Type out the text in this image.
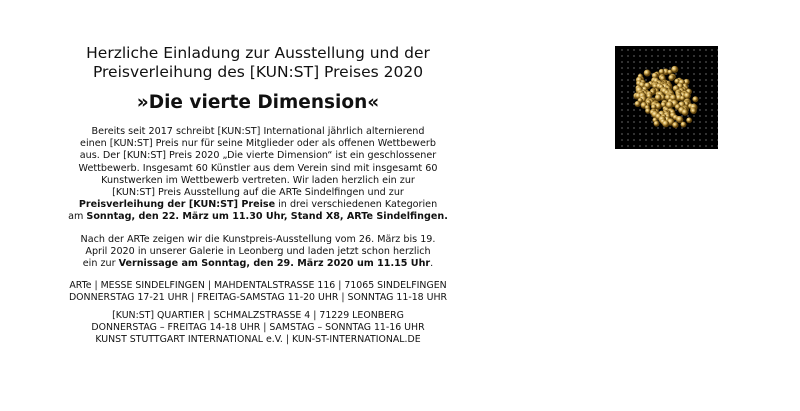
Herzliche Einladung zur Ausstellung und der
Preisverleihung des [KUN:ST] Preises 2020
»Die vierte Dimension«
Bereits seit 2017 schreibt [KUN:ST] International jährlich alternierend
einen [KUN:ST] Preis nur für seine Mitglieder oder als offenen Wettbewerb
aus. Der [KUN:ST] Preis 2020 „Die vierte Dimension“ ist ein geschlossener
Wettbewerb. Insgesamt 60 Künstler aus dem Verein sind mit insgesamt 60
Kunstwerken im Wettbewerb vertreten. Wir laden herzlich ein zur
[KUN:ST] Preis Ausstellung auf die ARTe Sindelfingen und zur
Preisverleihung der [KUN:ST] Preise in drei verschiedenen Kategorien
am Sonntag, den 22. März um 11.30 Uhr, Stand X8, ARTe Sindelfingen.
Nach der ARTe zeigen wir die Kunstpreis-Ausstellung vom 26. März bis 19.
April 2020 in unserer Galerie in Leonberg und laden jetzt schon herzlich
ein zur Vernissage am Sonntag, den 29. März 2020 um 11.15 Uhr.
ARTe | MESSE SINDELFINGEN | MAHDENTALSTRASSE 116 | 71065 SINDELFINGEN
DONNERSTAG 17-21 UHR | FREITAG-SAMSTAG 11-20 UHR | SONNTAG 11-18 UHR
[KUN:ST] QUARTIER | SCHMALZSTRASSE 4 | 71229 LEONBERG
DONNERSTAG – FREITAG 14-18 UHR | SAMSTAG – SONNTAG 11-16 UHR
KUNST STUTTGART INTERNATIONAL e.V. | KUN-ST-INTERNATIONAL.DE
